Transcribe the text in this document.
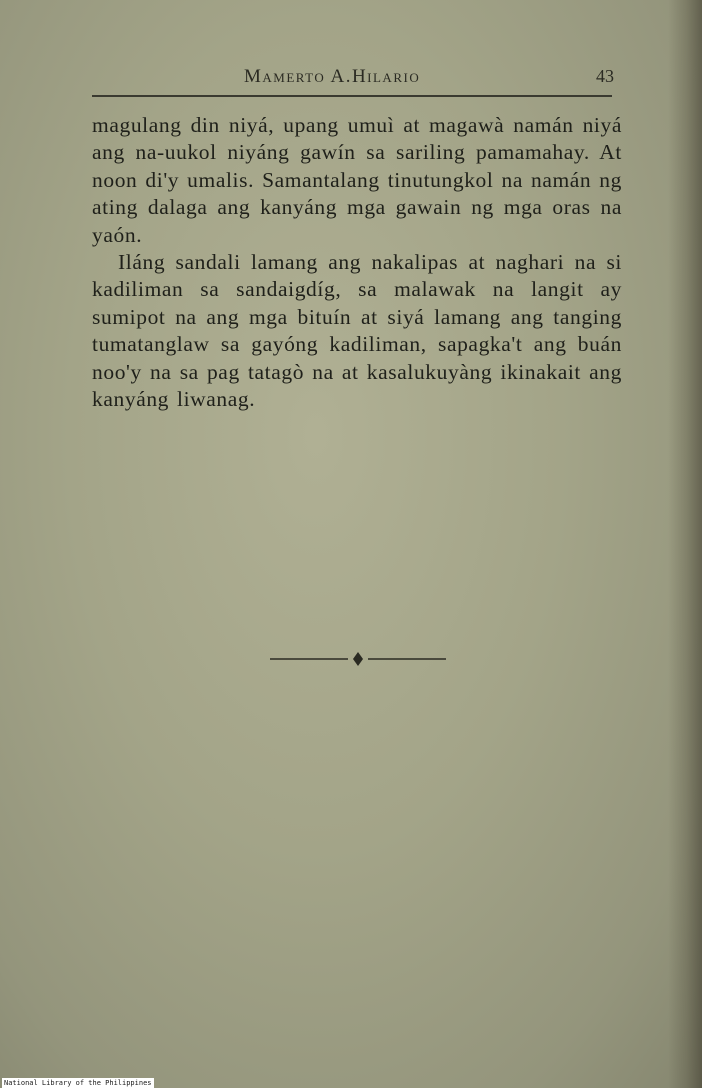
Mamerto A.Hilario	43

magulang din niyá, upang umuì at magawà namán niyá ang na-uukol niyáng gawín sa sariling pamamahay. At noon di'y umalis. Samantalang tinutungkol na namán ng ating dalaga ang kanyáng mga gawain ng mga oras na yaón.

Iláng sandali lamang ang nakalipas at naghari na si kadiliman sa sandaigdíg, sa malawak na langit ay sumipot na ang mga bituín at siyá lamang ang tanging tumatanglaw sa gayóng kadiliman, sapagka't ang buán noo'y na sa pag tatagò na at kasalukuyàng ikinakait ang kanyáng liwanag.

National Library of the Philippines
